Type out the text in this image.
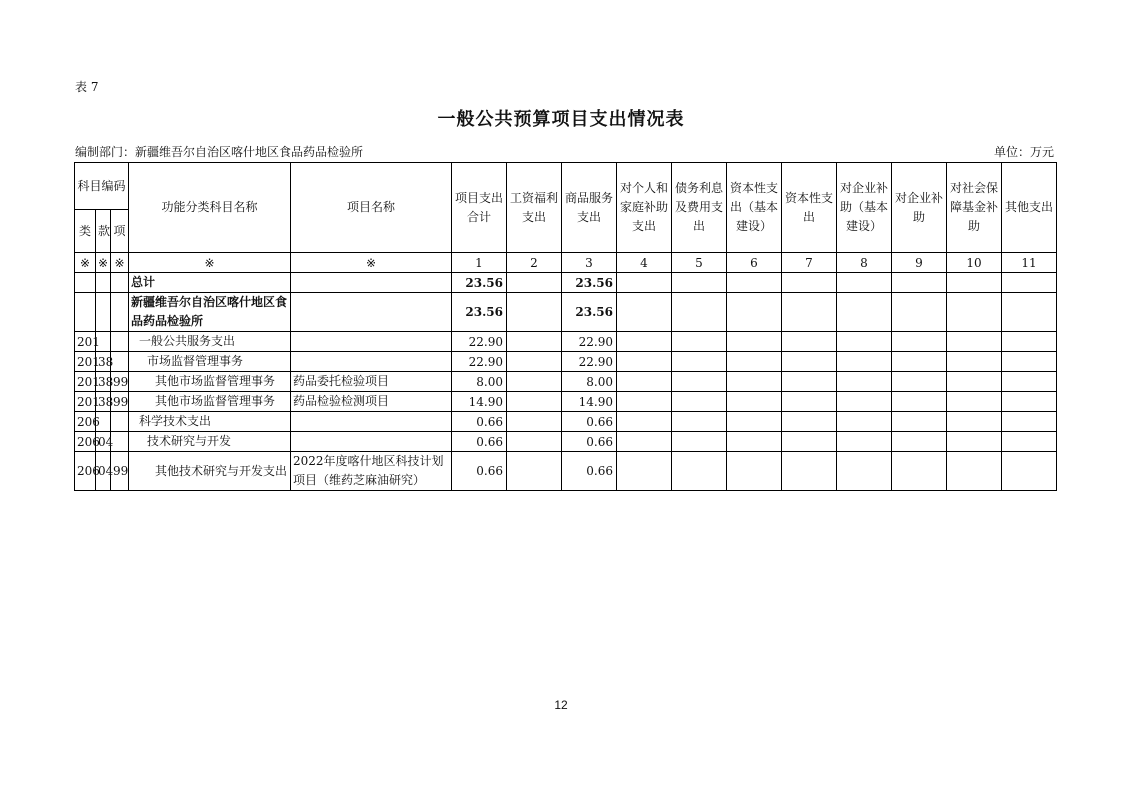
表 7
一般公共预算项目支出情况表
编制部门：新疆维吾尔自治区喀什地区食品药品检验所	单位：万元
科目编码			功能分类科目名称	项目名称	项目支出合计	工资福利支出	商品服务支出	对个人和家庭补助支出	债务利息及费用支出	资本性支出（基本建设）	资本性支出	对企业补助（基本建设）	对企业补助	对社会保障基金补助	其他支出
类	款	项													
※	※	※	※	※	1	2	3	4	5	6	7	8	9	10	11
			总计		23.56		23.56								
			新疆维吾尔自治区喀什地区食品药品检验所		23.56		23.56								
201			一般公共服务支出		22.90		22.90								
201	38		市场监督管理事务		22.90		22.90								
201	38	99	其他市场监督管理事务	药品委托检验项目	8.00		8.00								
201	38	99	其他市场监督管理事务	药品检验检测项目	14.90		14.90								
206			科学技术支出		0.66		0.66								
206	04		技术研究与开发		0.66		0.66								
206	04	99	其他技术研究与开发支出	2022年度喀什地区科技计划项目（维药芝麻油研究）	0.66		0.66								
12
